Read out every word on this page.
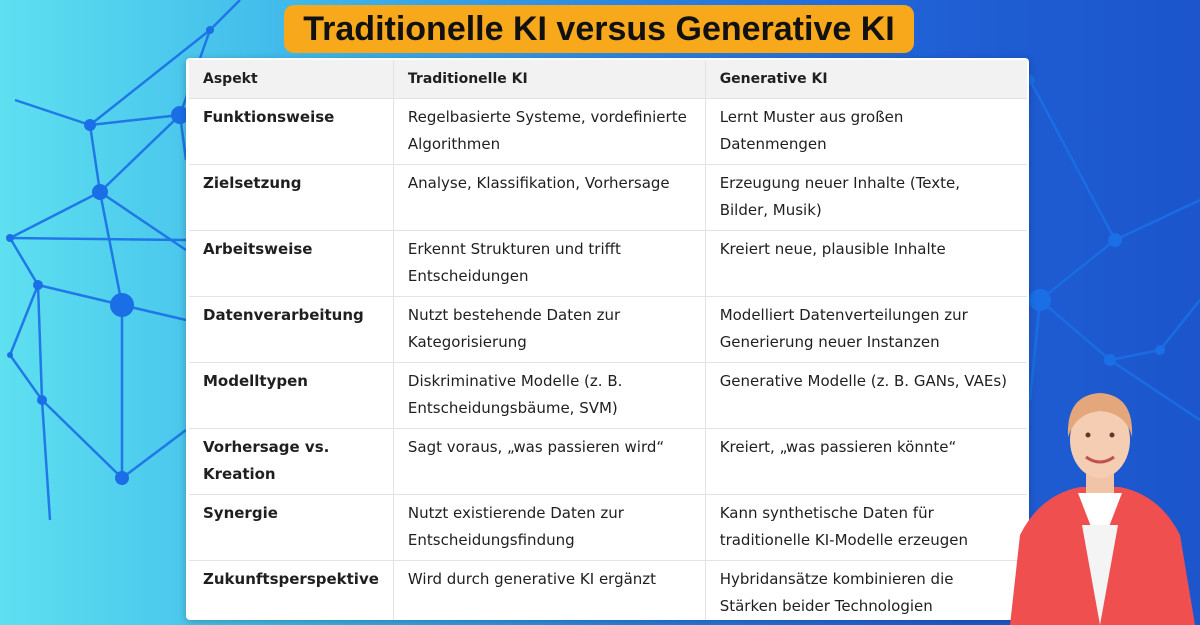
Traditionelle KI versus Generative KI
Aspekt	Traditionelle KI	Generative KI
Funktionsweise	Regelbasierte Systeme, vordefinierte Algorithmen	Lernt Muster aus großen Datenmengen
Zielsetzung	Analyse, Klassifikation, Vorhersage	Erzeugung neuer Inhalte (Texte, Bilder, Musik)
Arbeitsweise	Erkennt Strukturen und trifft Entscheidungen	Kreiert neue, plausible Inhalte
Datenverarbeitung	Nutzt bestehende Daten zur Kategorisierung	Modelliert Datenverteilungen zur Generierung neuer Instanzen
Modelltypen	Diskriminative Modelle (z. B. Entscheidungsbäume, SVM)	Generative Modelle (z. B. GANs, VAEs)
Vorhersage vs. Kreation	Sagt voraus, „was passieren wird“	Kreiert, „was passieren könnte“
Synergie	Nutzt existierende Daten zur Entscheidungsfindung	Kann synthetische Daten für traditionelle KI-Modelle erzeugen
Zukunftsperspektive	Wird durch generative KI ergänzt	Hybridansätze kombinieren die Stärken beider Technologien
